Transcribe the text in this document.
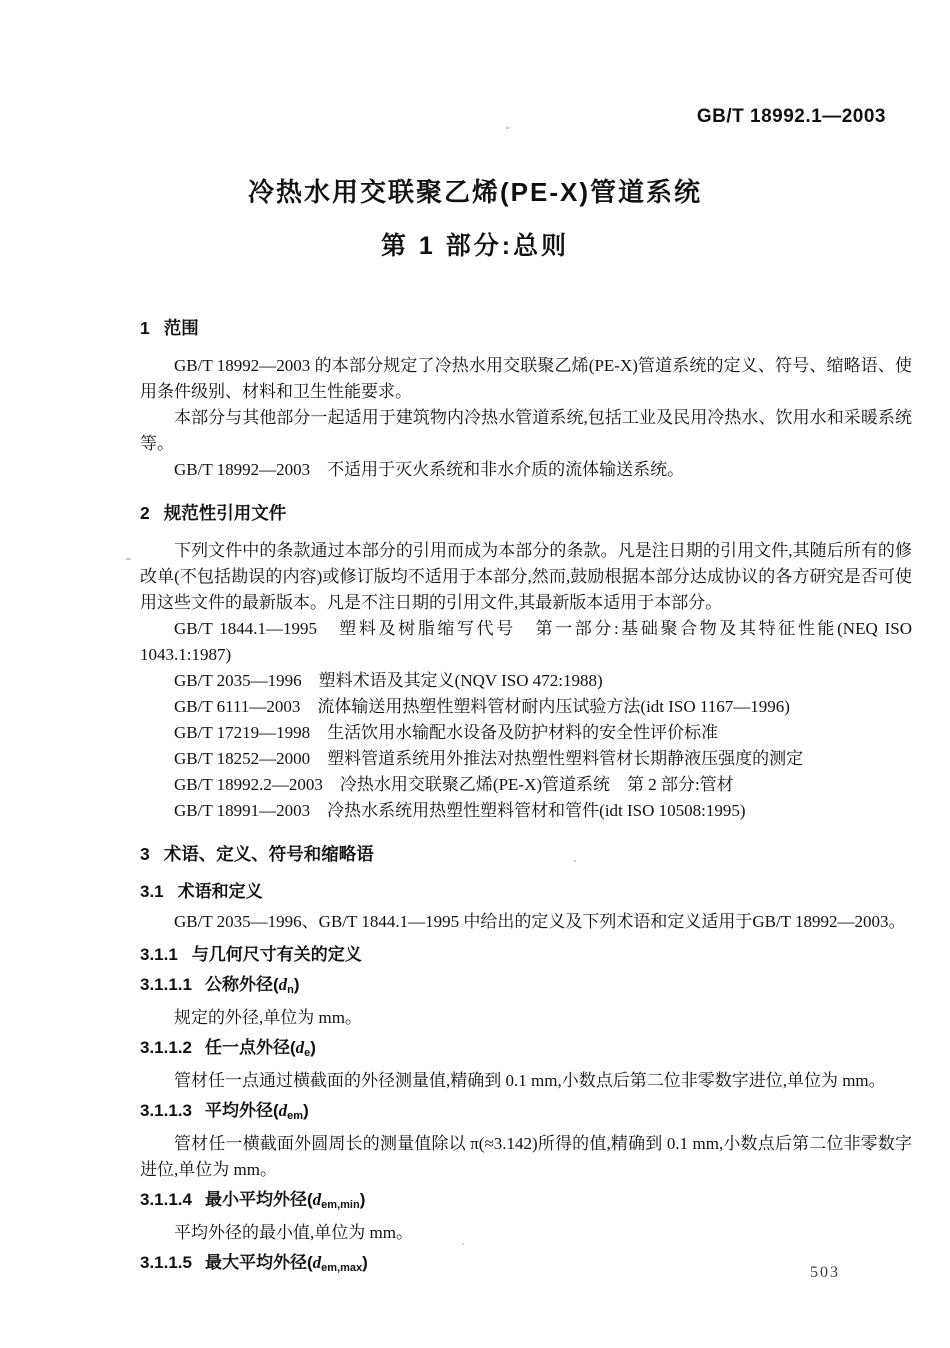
GB/T 18992.1—2003
冷热水用交联聚乙烯(PE-X)管道系统
第 1 部分:总则
1 范围

GB/T 18992—2003 的本部分规定了冷热水用交联聚乙烯(PE-X)管道系统的定义、符号、缩略语、使用条件级别、材料和卫生性能要求。

本部分与其他部分一起适用于建筑物内冷热水管道系统,包括工业及民用冷热水、饮用水和采暖系统等。

GB/T 18992—2003　不适用于灭火系统和非水介质的流体输送系统。

2 规范性引用文件

下列文件中的条款通过本部分的引用而成为本部分的条款。凡是注日期的引用文件,其随后所有的修改单(不包括勘误的内容)或修订版均不适用于本部分,然而,鼓励根据本部分达成协议的各方研究是否可使用这些文件的最新版本。凡是不注日期的引用文件,其最新版本适用于本部分。

GB/T 1844.1—1995　塑料及树脂缩写代号　第一部分:基础聚合物及其特征性能(NEQ ISO 1043.1:1987)

GB/T 2035—1996　塑料术语及其定义(NQV ISO 472:1988)

GB/T 6111—2003　流体输送用热塑性塑料管材耐内压试验方法(idt ISO 1167—1996)

GB/T 17219—1998　生活饮用水输配水设备及防护材料的安全性评价标准

GB/T 18252—2000　塑料管道系统用外推法对热塑性塑料管材长期静液压强度的测定

GB/T 18992.2—2003　冷热水用交联聚乙烯(PE-X)管道系统　第 2 部分:管材

GB/T 18991—2003　冷热水系统用热塑性塑料管材和管件(idt ISO 10508:1995)

3 术语、定义、符号和缩略语
3.1 术语和定义

GB/T 2035—1996、GB/T 1844.1—1995 中给出的定义及下列术语和定义适用于GB/T 18992—2003。

3.1.1 与几何尺寸有关的定义
3.1.1.1 公称外径$(d_n)$

规定的外径,单位为 mm。

3.1.1.2 任一点外径$(d_e)$

管材任一点通过横截面的外径测量值,精确到 0.1 mm,小数点后第二位非零数字进位,单位为 mm。

3.1.1.3 平均外径$(d_{em})$

管材任一横截面外圆周长的测量值除以 π(≈3.142)所得的值,精确到 0.1 mm,小数点后第二位非零数字进位,单位为 mm。

3.1.1.4 最小平均外径$(d_{em,min})$

平均外径的最小值,单位为 mm。

3.1.1.5 最大平均外径$(d_{em,max})$
503
